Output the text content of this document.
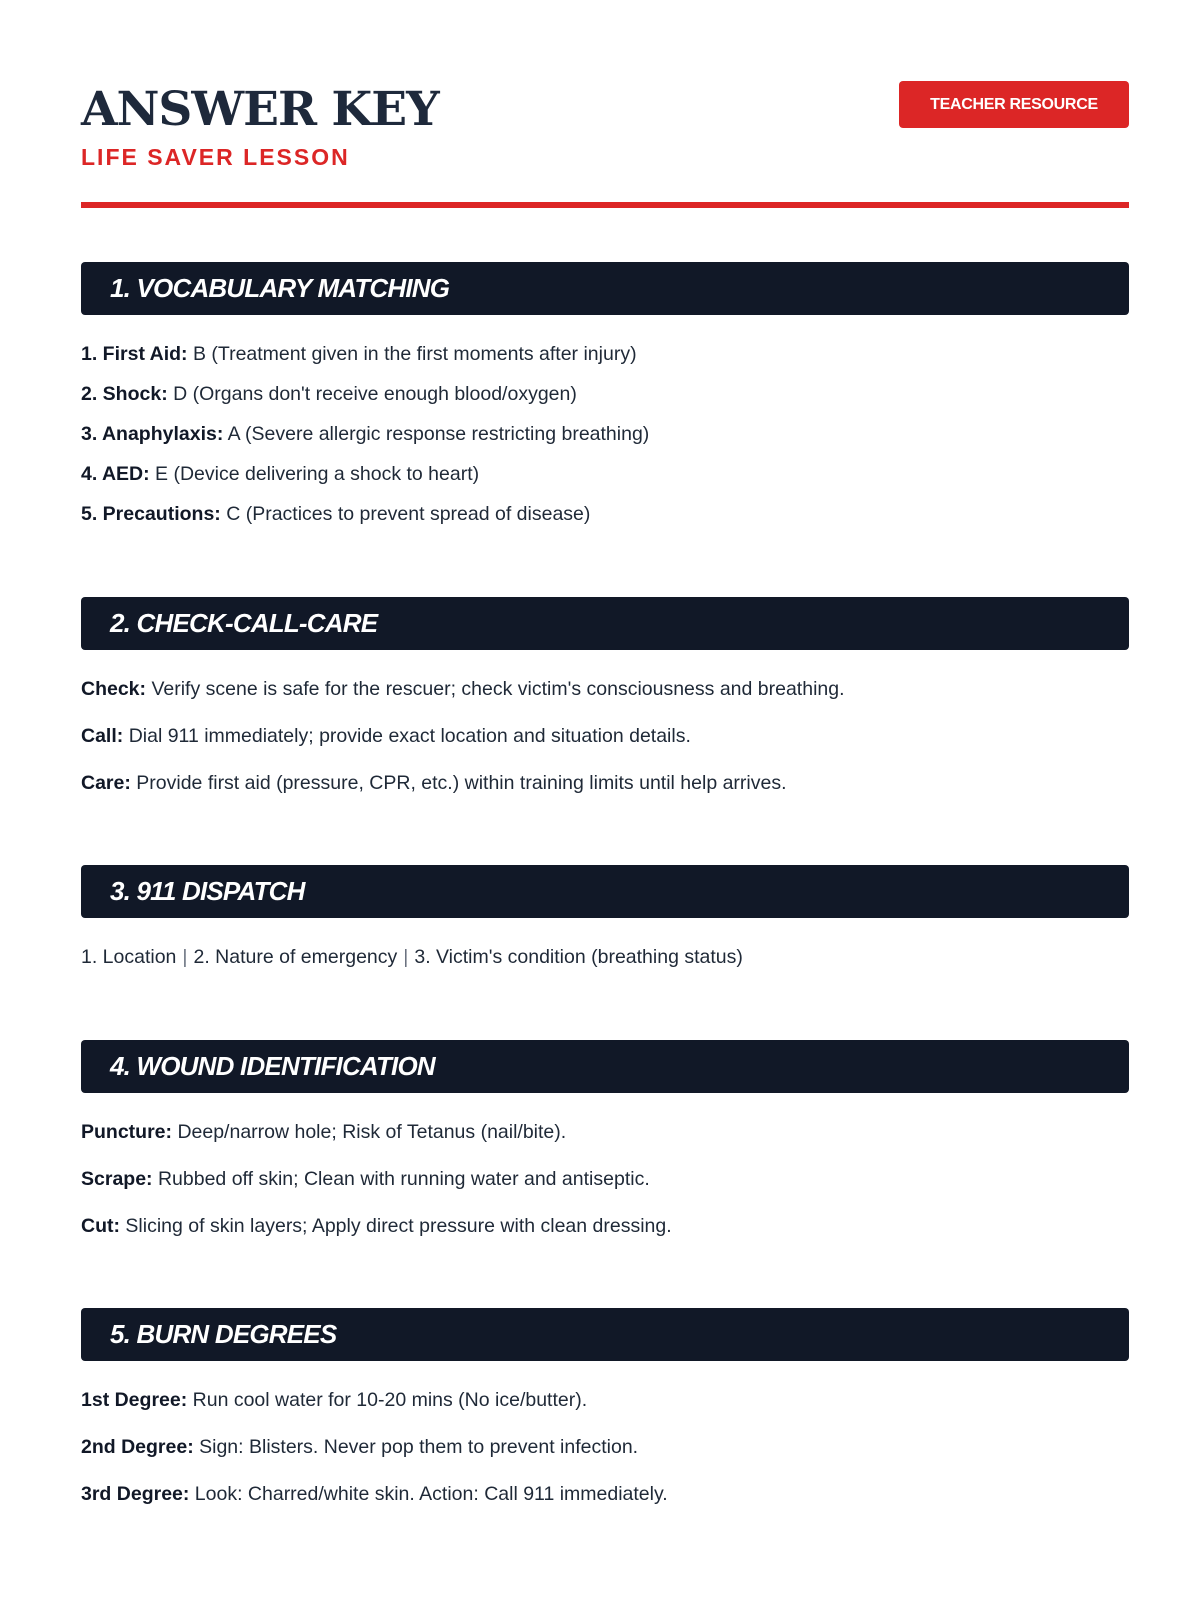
ANSWER KEY
LIFE SAVER LESSON
TEACHER RESOURCE
1. VOCABULARY MATCHING
1. First Aid: B (Treatment given in the first moments after injury)
2. Shock: D (Organs don't receive enough blood/oxygen)
3. Anaphylaxis: A (Severe allergic response restricting breathing)
4. AED: E (Device delivering a shock to heart)
5. Precautions: C (Practices to prevent spread of disease)
2. CHECK-CALL-CARE
Check: Verify scene is safe for the rescuer; check victim's consciousness and breathing.
Call: Dial 911 immediately; provide exact location and situation details.
Care: Provide first aid (pressure, CPR, etc.) within training limits until help arrives.
3. 911 DISPATCH
1. Location | 2. Nature of emergency | 3. Victim's condition (breathing status)
4. WOUND IDENTIFICATION
Puncture: Deep/narrow hole; Risk of Tetanus (nail/bite).
Scrape: Rubbed off skin; Clean with running water and antiseptic.
Cut: Slicing of skin layers; Apply direct pressure with clean dressing.
5. BURN DEGREES
1st Degree: Run cool water for 10-20 mins (No ice/butter).
2nd Degree: Sign: Blisters. Never pop them to prevent infection.
3rd Degree: Look: Charred/white skin. Action: Call 911 immediately.
